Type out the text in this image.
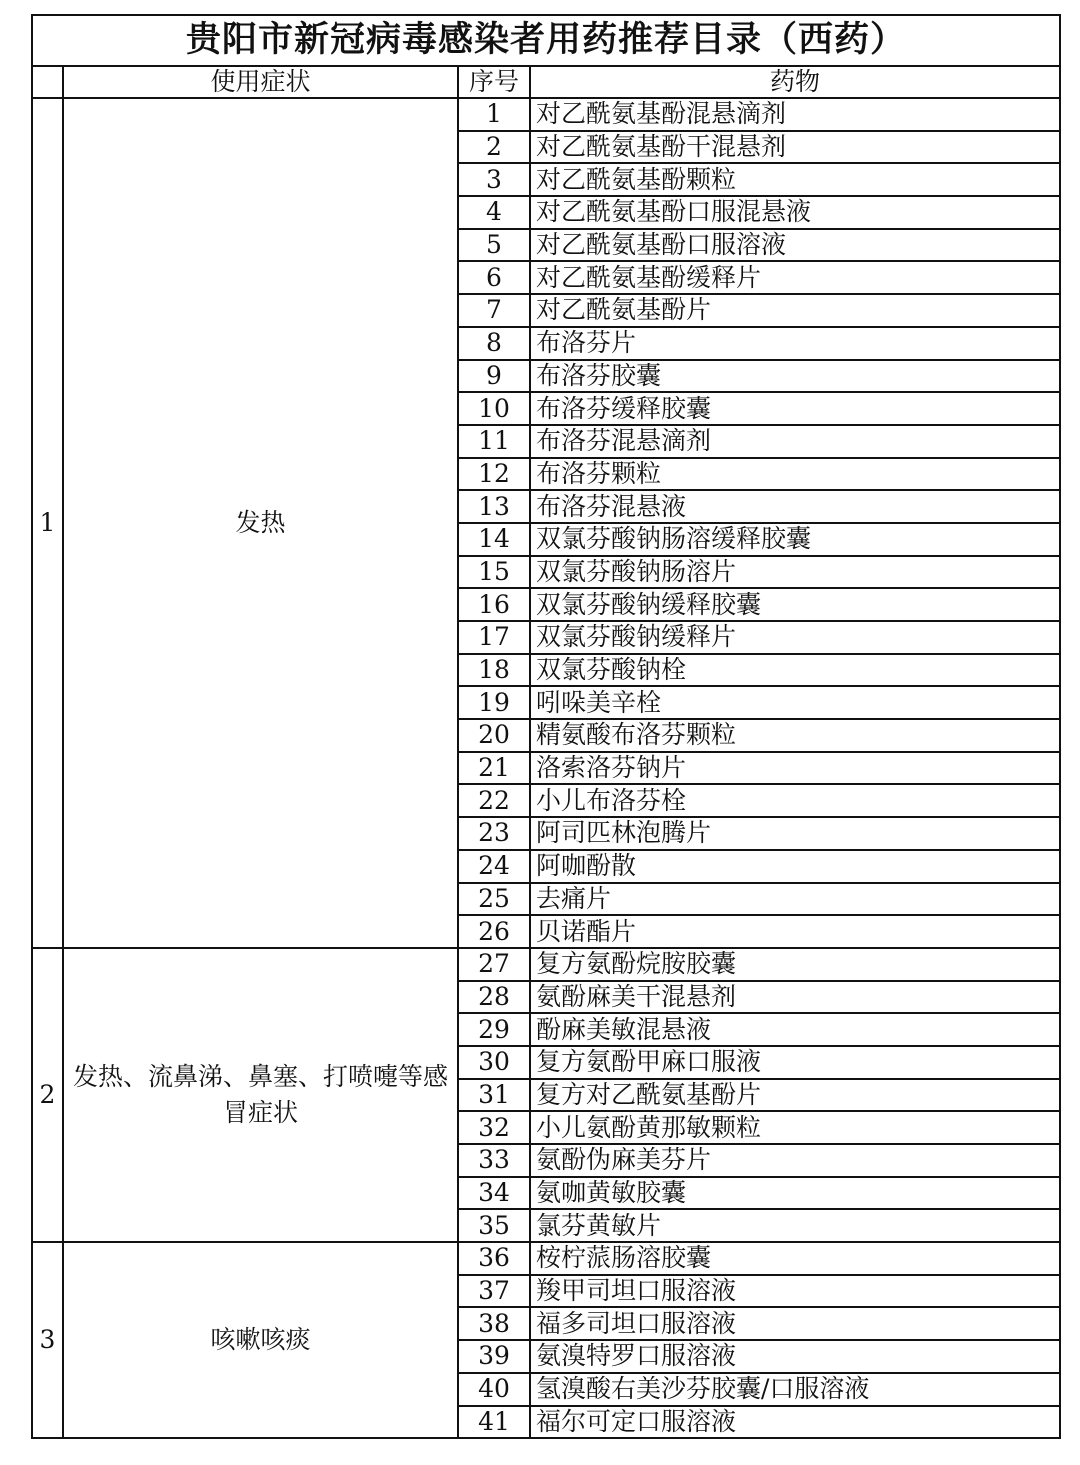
贵阳市新冠病毒感染者用药推荐目录（西药）			
	使用症状	序号	药物
1	发热	1	对乙酰氨基酚混悬滴剂
		2	对乙酰氨基酚干混悬剂
		3	对乙酰氨基酚颗粒
		4	对乙酰氨基酚口服混悬液
		5	对乙酰氨基酚口服溶液
		6	对乙酰氨基酚缓释片
		7	对乙酰氨基酚片
		8	布洛芬片
		9	布洛芬胶囊
		10	布洛芬缓释胶囊
		11	布洛芬混悬滴剂
		12	布洛芬颗粒
		13	布洛芬混悬液
		14	双氯芬酸钠肠溶缓释胶囊
		15	双氯芬酸钠肠溶片
		16	双氯芬酸钠缓释胶囊
		17	双氯芬酸钠缓释片
		18	双氯芬酸钠栓
		19	吲哚美辛栓
		20	精氨酸布洛芬颗粒
		21	洛索洛芬钠片
		22	小儿布洛芬栓
		23	阿司匹林泡腾片
		24	阿咖酚散
		25	去痛片
		26	贝诺酯片
2	发热、流鼻涕、鼻塞、打喷嚏等感冒症状	27	复方氨酚烷胺胶囊
		28	氨酚麻美干混悬剂
		29	酚麻美敏混悬液
		30	复方氨酚甲麻口服液
		31	复方对乙酰氨基酚片
		32	小儿氨酚黄那敏颗粒
		33	氨酚伪麻美芬片
		34	氨咖黄敏胶囊
		35	氯芬黄敏片
3	咳嗽咳痰	36	桉柠蒎肠溶胶囊
		37	羧甲司坦口服溶液
		38	福多司坦口服溶液
		39	氨溴特罗口服溶液
		40	氢溴酸右美沙芬胶囊/口服溶液
		41	福尔可定口服溶液
